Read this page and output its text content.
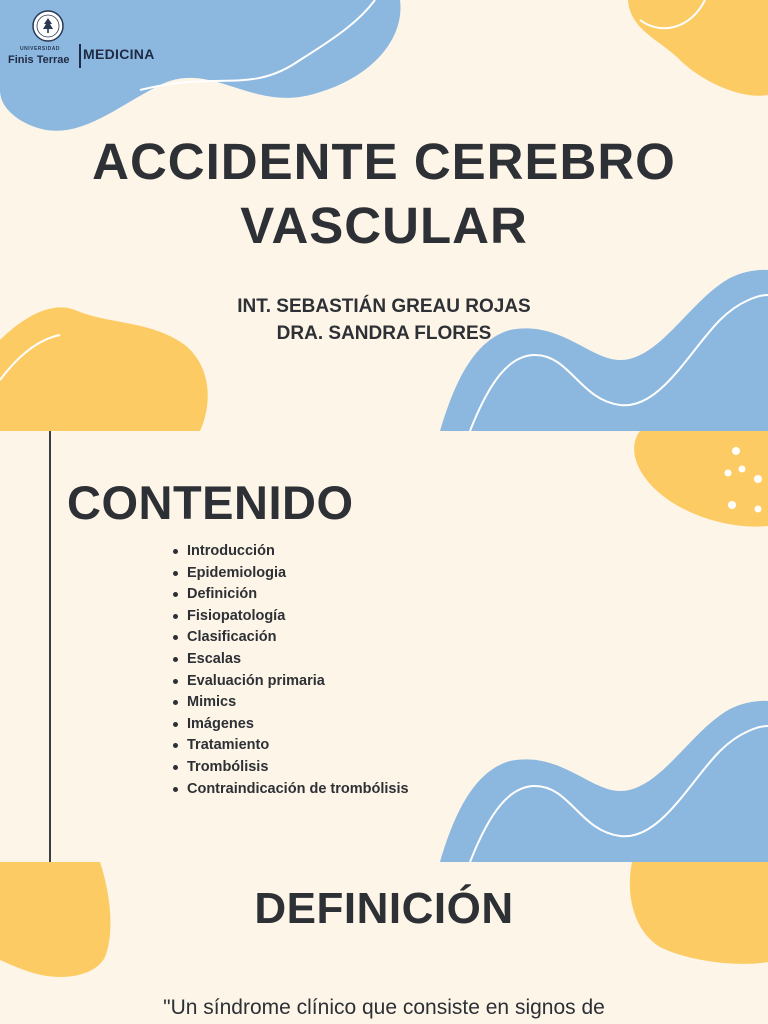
UNIVERSIDAD
Finis Terrae MEDICINA
ACCIDENTE CEREBRO
VASCULAR
INT. SEBASTIÁN GREAU ROJAS
DRA. SANDRA FLORES
CONTENIDO
Introducción
Epidemiologia
Definición
Fisiopatología
Clasificación
Escalas
Evaluación primaria
Mimics
Imágenes
Tratamiento
Trombólisis
Contraindicación de trombólisis
DEFINICIÓN
"Un síndrome clínico que consiste en signos de
